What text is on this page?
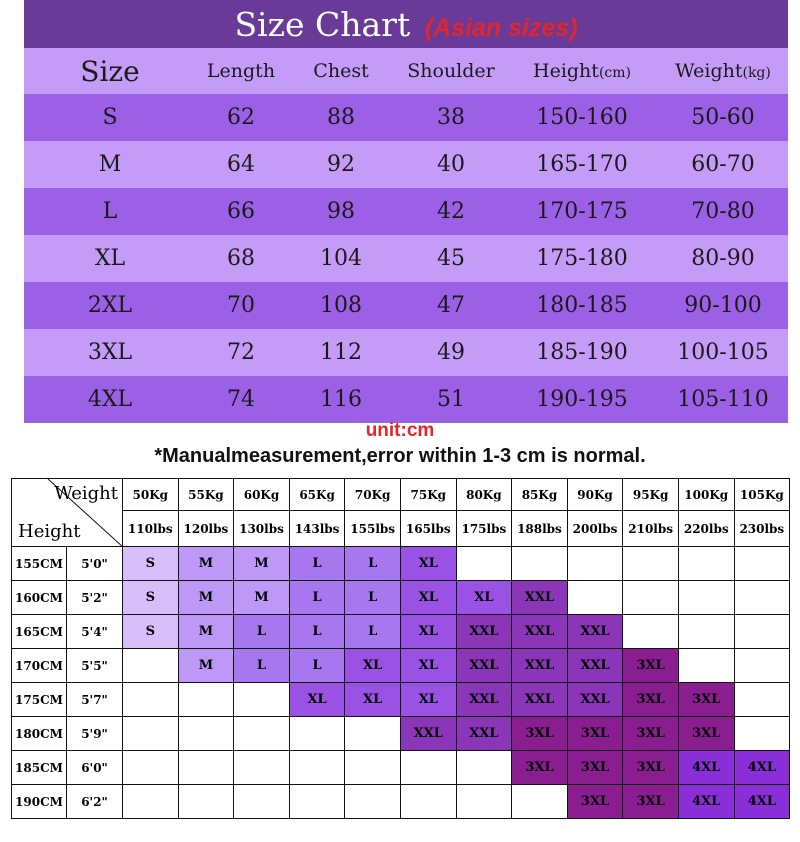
Size Chart (Asian sizes)
Size	Length	Chest	Shoulder	Height(cm)	Weight(kg)
S	62	88	38	150-160	50-60
M	64	92	40	165-170	60-70
L	66	98	42	170-175	70-80
XL	68	104	45	175-180	80-90
2XL	70	108	47	180-185	90-100
3XL	72	112	49	185-190	100-105
4XL	74	116	51	190-195	105-110
unit:cm
*Manualmeasurement,error within 1-3 cm is normal.
Weight
Height		50Kg	55Kg	60Kg	65Kg	70Kg	75Kg	80Kg	85Kg	90Kg	95Kg	100Kg	105Kg
		110lbs	120lbs	130lbs	143lbs	155lbs	165lbs	175lbs	188lbs	200lbs	210lbs	220lbs	230lbs
155CM	5'0"	S	M	M	L	L	XL						
160CM	5'2"	S	M	M	L	L	XL	XL	XXL				
165CM	5'4"	S	M	L	L	L	XL	XXL	XXL	XXL			
170CM	5'5"		M	L	L	XL	XL	XXL	XXL	XXL	3XL		
175CM	5'7"				XL	XL	XL	XXL	XXL	XXL	3XL	3XL	
180CM	5'9"						XXL	XXL	3XL	3XL	3XL	3XL	
185CM	6'0"								3XL	3XL	3XL	4XL	4XL
190CM	6'2"									3XL	3XL	4XL	4XL
